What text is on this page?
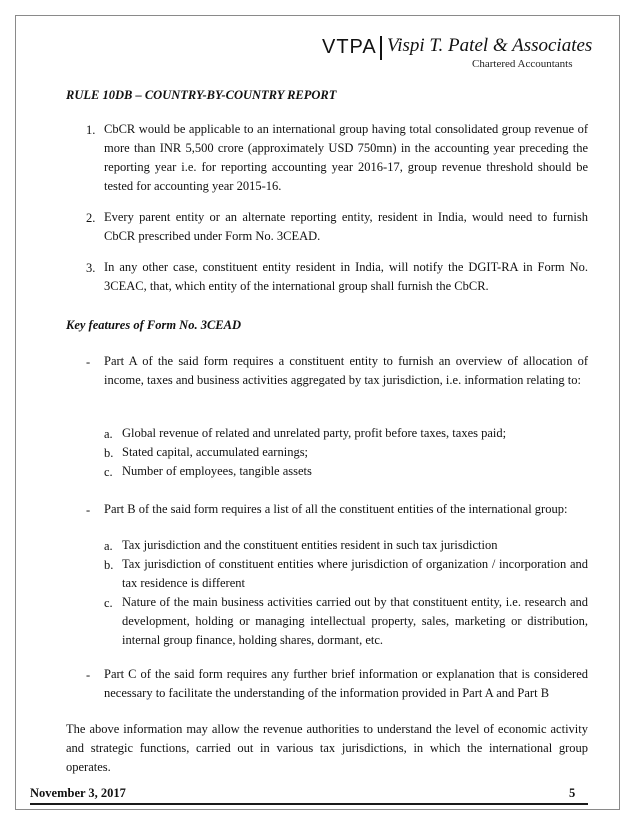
VTPA Vispi T. Patel & Associates
Chartered Accountants
RULE 10DB – COUNTRY-BY-COUNTRY REPORT
1. CbCR would be applicable to an international group having total consolidated group revenue of more than INR 5,500 crore (approximately USD 750mn) in the accounting year preceding the reporting year i.e. for reporting accounting year 2016-17, group revenue threshold should be tested for accounting year 2015-16.
2. Every parent entity or an alternate reporting entity, resident in India, would need to furnish CbCR prescribed under Form No. 3CEAD.
3. In any other case, constituent entity resident in India, will notify the DGIT-RA in Form No. 3CEAC, that, which entity of the international group shall furnish the CbCR.
Key features of Form No. 3CEAD
- Part A of the said form requires a constituent entity to furnish an overview of allocation of income, taxes and business activities aggregated by tax jurisdiction, i.e. information relating to:
a. Global revenue of related and unrelated party, profit before taxes, taxes paid;
b. Stated capital, accumulated earnings;
c. Number of employees, tangible assets
- Part B of the said form requires a list of all the constituent entities of the international group:
a. Tax jurisdiction and the constituent entities resident in such tax jurisdiction
b. Tax jurisdiction of constituent entities where jurisdiction of organization / incorporation and tax residence is different
c. Nature of the main business activities carried out by that constituent entity, i.e. research and development, holding or managing intellectual property, sales, marketing or distribution, internal group finance, holding shares, dormant, etc.
- Part C of the said form requires any further brief information or explanation that is considered necessary to facilitate the understanding of the information provided in Part A and Part B
The above information may allow the revenue authorities to understand the level of economic activity and strategic functions, carried out in various tax jurisdictions, in which the international group operates.
November 3, 2017	5
